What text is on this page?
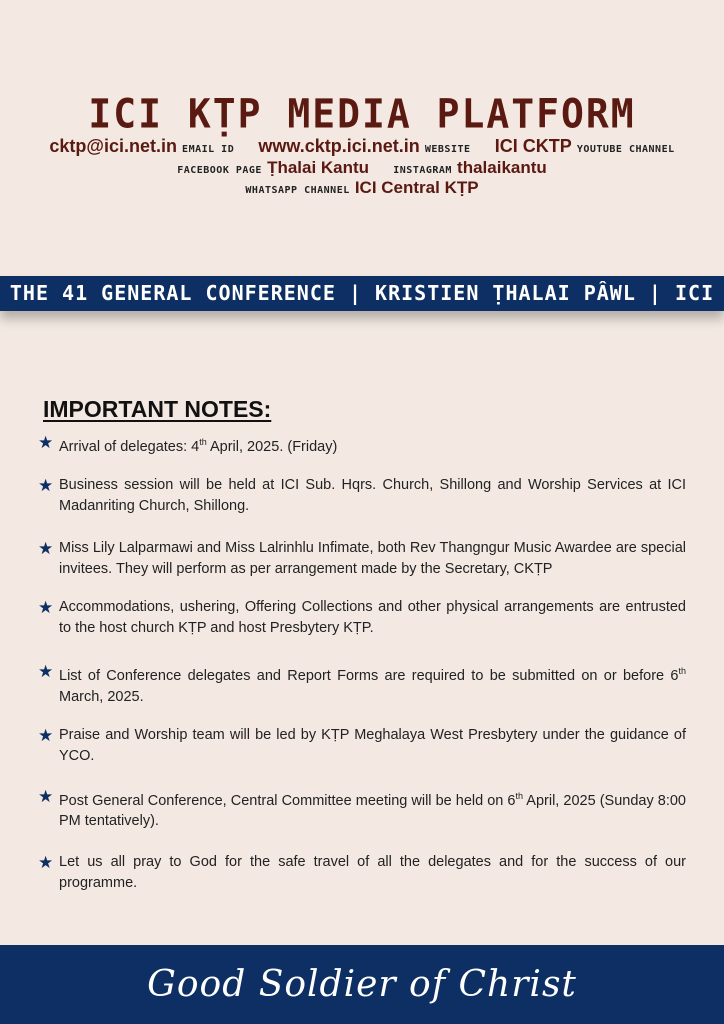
ICI KṬP MEDIA PLATFORM
cktp@ici.net.in EMAIL ID www.cktp.ici.net.in WEBSITE ICI CKTP YOUTUBE CHANNEL
FACEBOOK PAGE Ṭhalai Kantu INSTAGRAM thalaikantu
WHATSAPP CHANNEL ICI Central KṬP
THE 41 GENERAL CONFERENCE | KRISTIEN ṬHALAI PÂWL | ICI
IMPORTANT NOTES:
★ Arrival of delegates: 4th April, 2025. (Friday)
★ Business session will be held at ICI Sub. Hqrs. Church, Shillong and Worship Services at ICI Madanriting Church, Shillong.
★ Miss Lily Lalparmawi and Miss Lalrinhlu Infimate, both Rev Thangngur Music Awardee are special invitees. They will perform as per arrangement made by the Secretary, CKṬP
★ Accommodations, ushering, Offering Collections and other physical arrangements are entrusted to the host church KṬP and host Presbytery KṬP.
★ List of Conference delegates and Report Forms are required to be submitted on or before 6th March, 2025.
★ Praise and Worship team will be led by KṬP Meghalaya West Presbytery under the guidance of YCO.
★ Post General Conference, Central Committee meeting will be held on 6th April, 2025 (Sunday 8:00 PM tentatively).
★ Let us all pray to God for the safe travel of all the delegates and for the success of our programme.
Good Soldier of Christ
